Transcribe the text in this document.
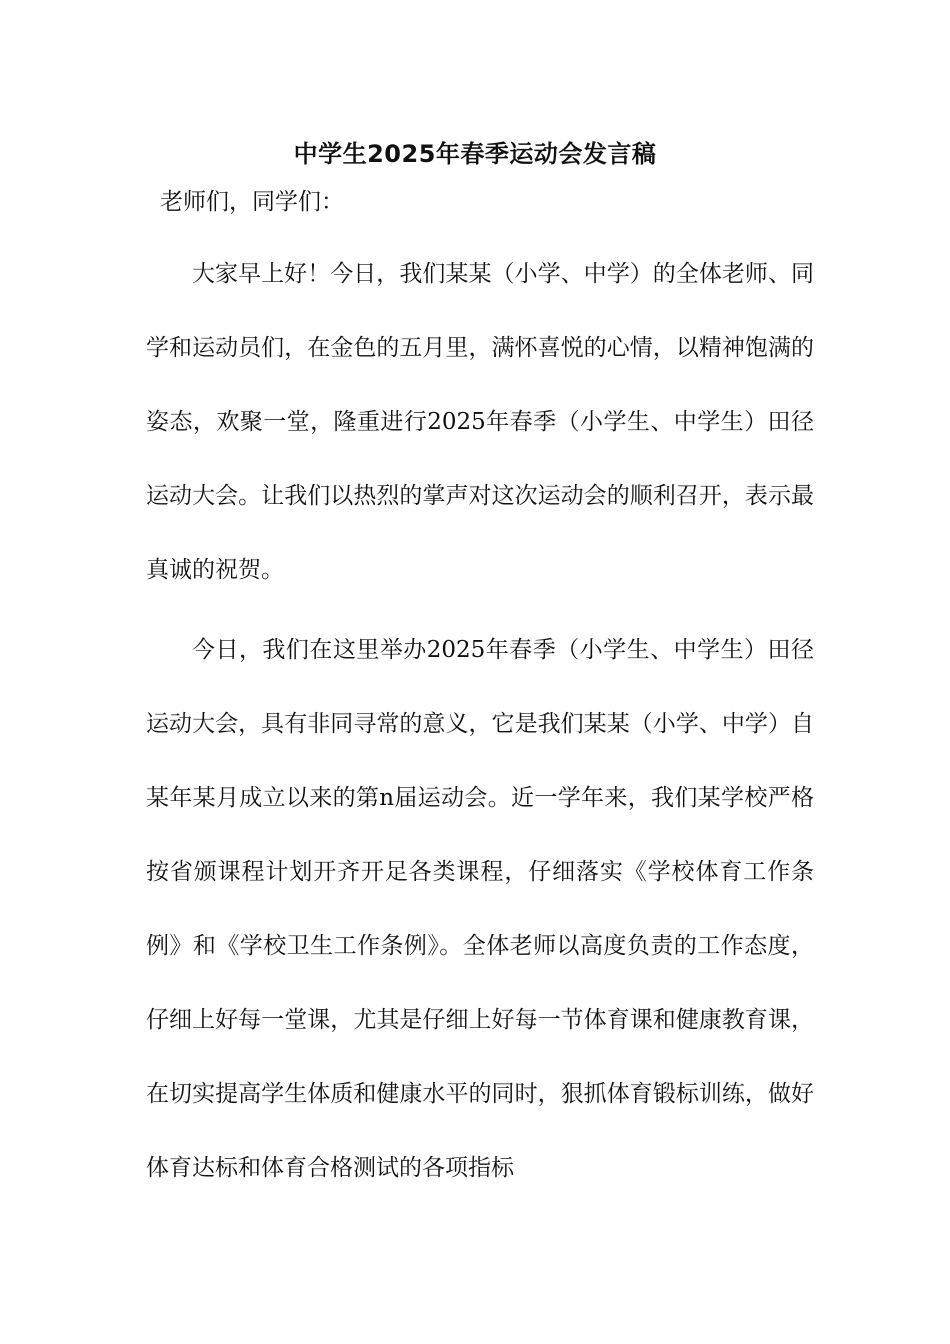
中学生2025年春季运动会发言稿
老师们，同学们：

大家早上好！今日，我们某某（小学、中学）的全体老师、同学和运动员们，在金色的五月里，满怀喜悦的心情，以精神饱满的姿态，欢聚一堂，隆重进行2025年春季（小学生、中学生）田径运动大会。让我们以热烈的掌声对这次运动会的顺利召开，表示最真诚的祝贺。

今日，我们在这里举办2025年春季（小学生、中学生）田径运动大会，具有非同寻常的意义，它是我们某某（小学、中学）自某年某月成立以来的第n届运动会。近一学年来，我们某学校严格按省颁课程计划开齐开足各类课程，仔细落实《学校体育工作条例》和《学校卫生工作条例》。全体老师以高度负责的工作态度，仔细上好每一堂课，尤其是仔细上好每一节体育课和健康教育课，在切实提高学生体质和健康水平的同时，狠抓体育锻标训练，做好体育达标和体育合格测试的各项指标
